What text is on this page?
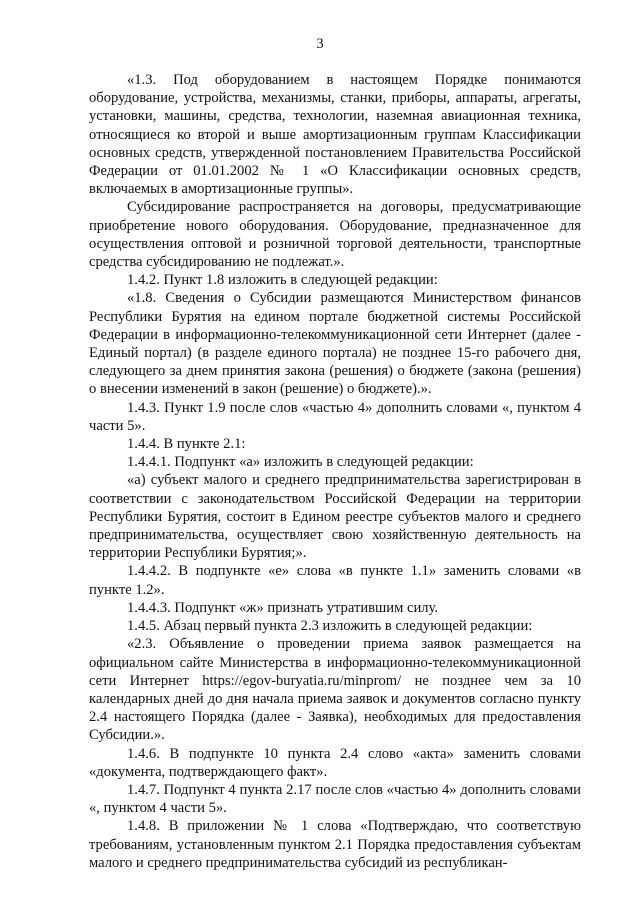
3

«1.3. Под оборудованием в настоящем Порядке понимаются оборудование, устройства, механизмы, станки, приборы, аппараты, агрегаты, установки, машины, средства, технологии, наземная авиационная техника, относящиеся ко второй и выше амортизационным группам Классификации основных средств, утвержденной постановлением Правительства Российской Федерации от 01.01.2002 № 1 «О Классификации основных средств, включаемых в амортизационные группы».

Субсидирование распространяется на договоры, предусматривающие приобретение нового оборудования. Оборудование, предназначенное для осуществления оптовой и розничной торговой деятельности, транспортные средства субсидированию не подлежат.».

1.4.2. Пункт 1.8 изложить в следующей редакции:

«1.8. Сведения о Субсидии размещаются Министерством финансов Республики Бурятия на едином портале бюджетной системы Российской Федерации в информационно-телекоммуникационной сети Интернет (далее - Единый портал) (в разделе единого портала) не позднее 15-го рабочего дня, следующего за днем принятия закона (решения) о бюджете (закона (решения) о внесении изменений в закон (решение) о бюджете).».

1.4.3. Пункт 1.9 после слов «частью 4» дополнить словами «, пунктом 4 части 5».

1.4.4. В пункте 2.1:

1.4.4.1. Подпункт «а» изложить в следующей редакции:

«а) субъект малого и среднего предпринимательства зарегистрирован в соответствии с законодательством Российской Федерации на территории Республики Бурятия, состоит в Едином реестре субъектов малого и среднего предпринимательства, осуществляет свою хозяйственную деятельность на территории Республики Бурятия;».

1.4.4.2. В подпункте «е» слова «в пункте 1.1» заменить словами «в пункте 1.2».

1.4.4.3. Подпункт «ж» признать утратившим силу.

1.4.5. Абзац первый пункта 2.3 изложить в следующей редакции:

«2.3. Объявление о проведении приема заявок размещается на официальном сайте Министерства в информационно-телекоммуникационной сети Интернет https://egov-buryatia.ru/minprom/ не позднее чем за 10 календарных дней до дня начала приема заявок и документов согласно пункту 2.4 настоящего Порядка (далее - Заявка), необходимых для предоставления Субсидии.».

1.4.6. В подпункте 10 пункта 2.4 слово «акта» заменить словами «документа, подтверждающего факт».

1.4.7. Подпункт 4 пункта 2.17 после слов «частью 4» дополнить словами «, пунктом 4 части 5».

1.4.8. В приложении № 1 слова «Подтверждаю, что соответствую требованиям, установленным пунктом 2.1 Порядка предоставления субъектам малого и среднего предпринимательства субсидий из республикан-
